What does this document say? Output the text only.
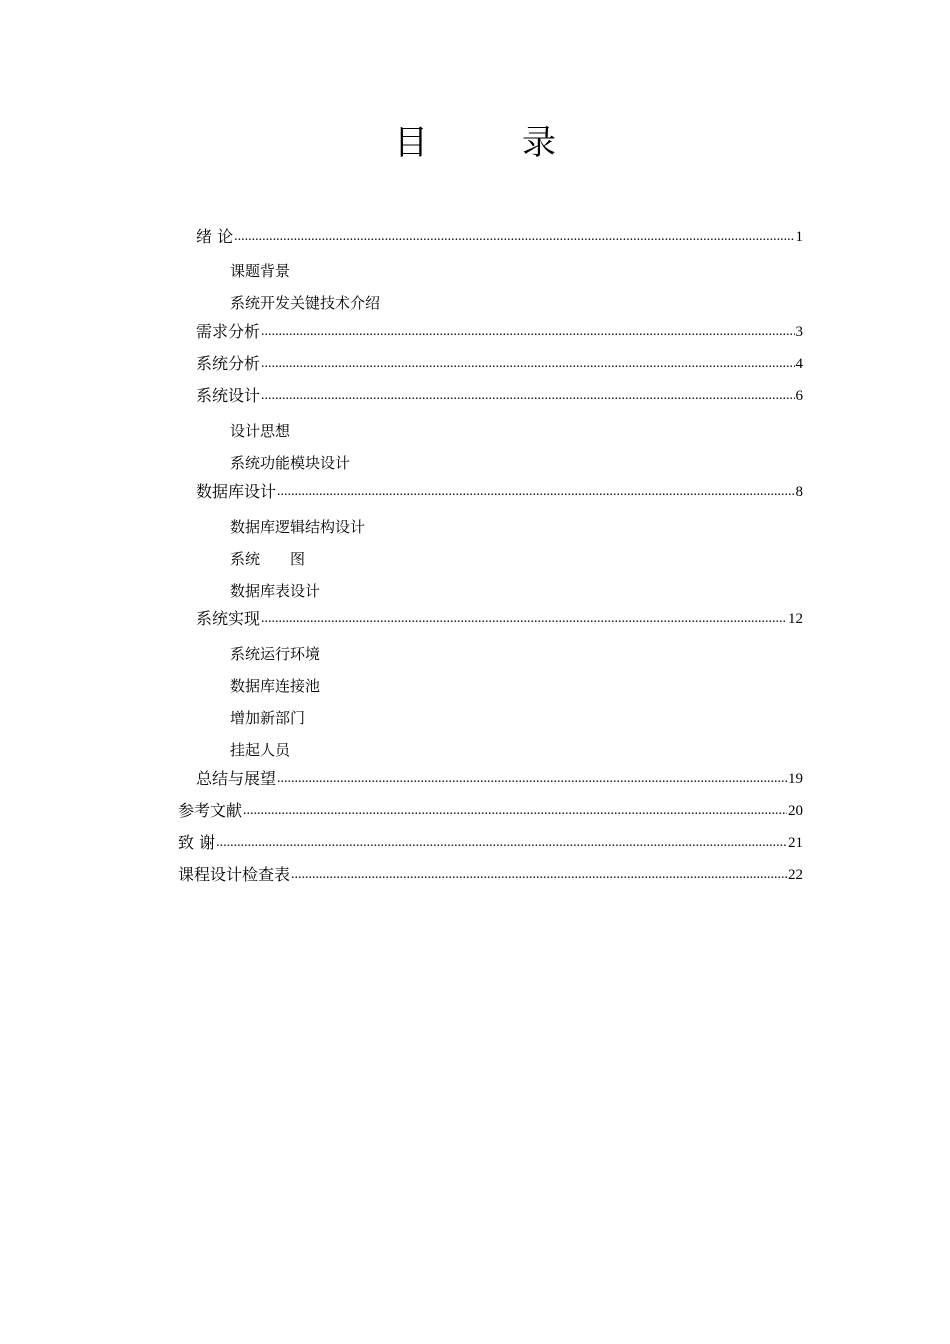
目　录
绪 论 .....	1
课题背景
系统开发关键技术介绍
需求分析 .....	3
系统分析 .....	4
系统设计 .....	6
设计思想
系统功能模块设计
数据库设计 .....	8
数据库逻辑结构设计
系统　　图
数据库表设计
系统实现 .....	12
系统运行环境
数据库连接池
增加新部门
挂起人员
总结与展望 .....	19
参考文献 .....	20
致 谢 .....	21
课程设计检查表 .....	22
